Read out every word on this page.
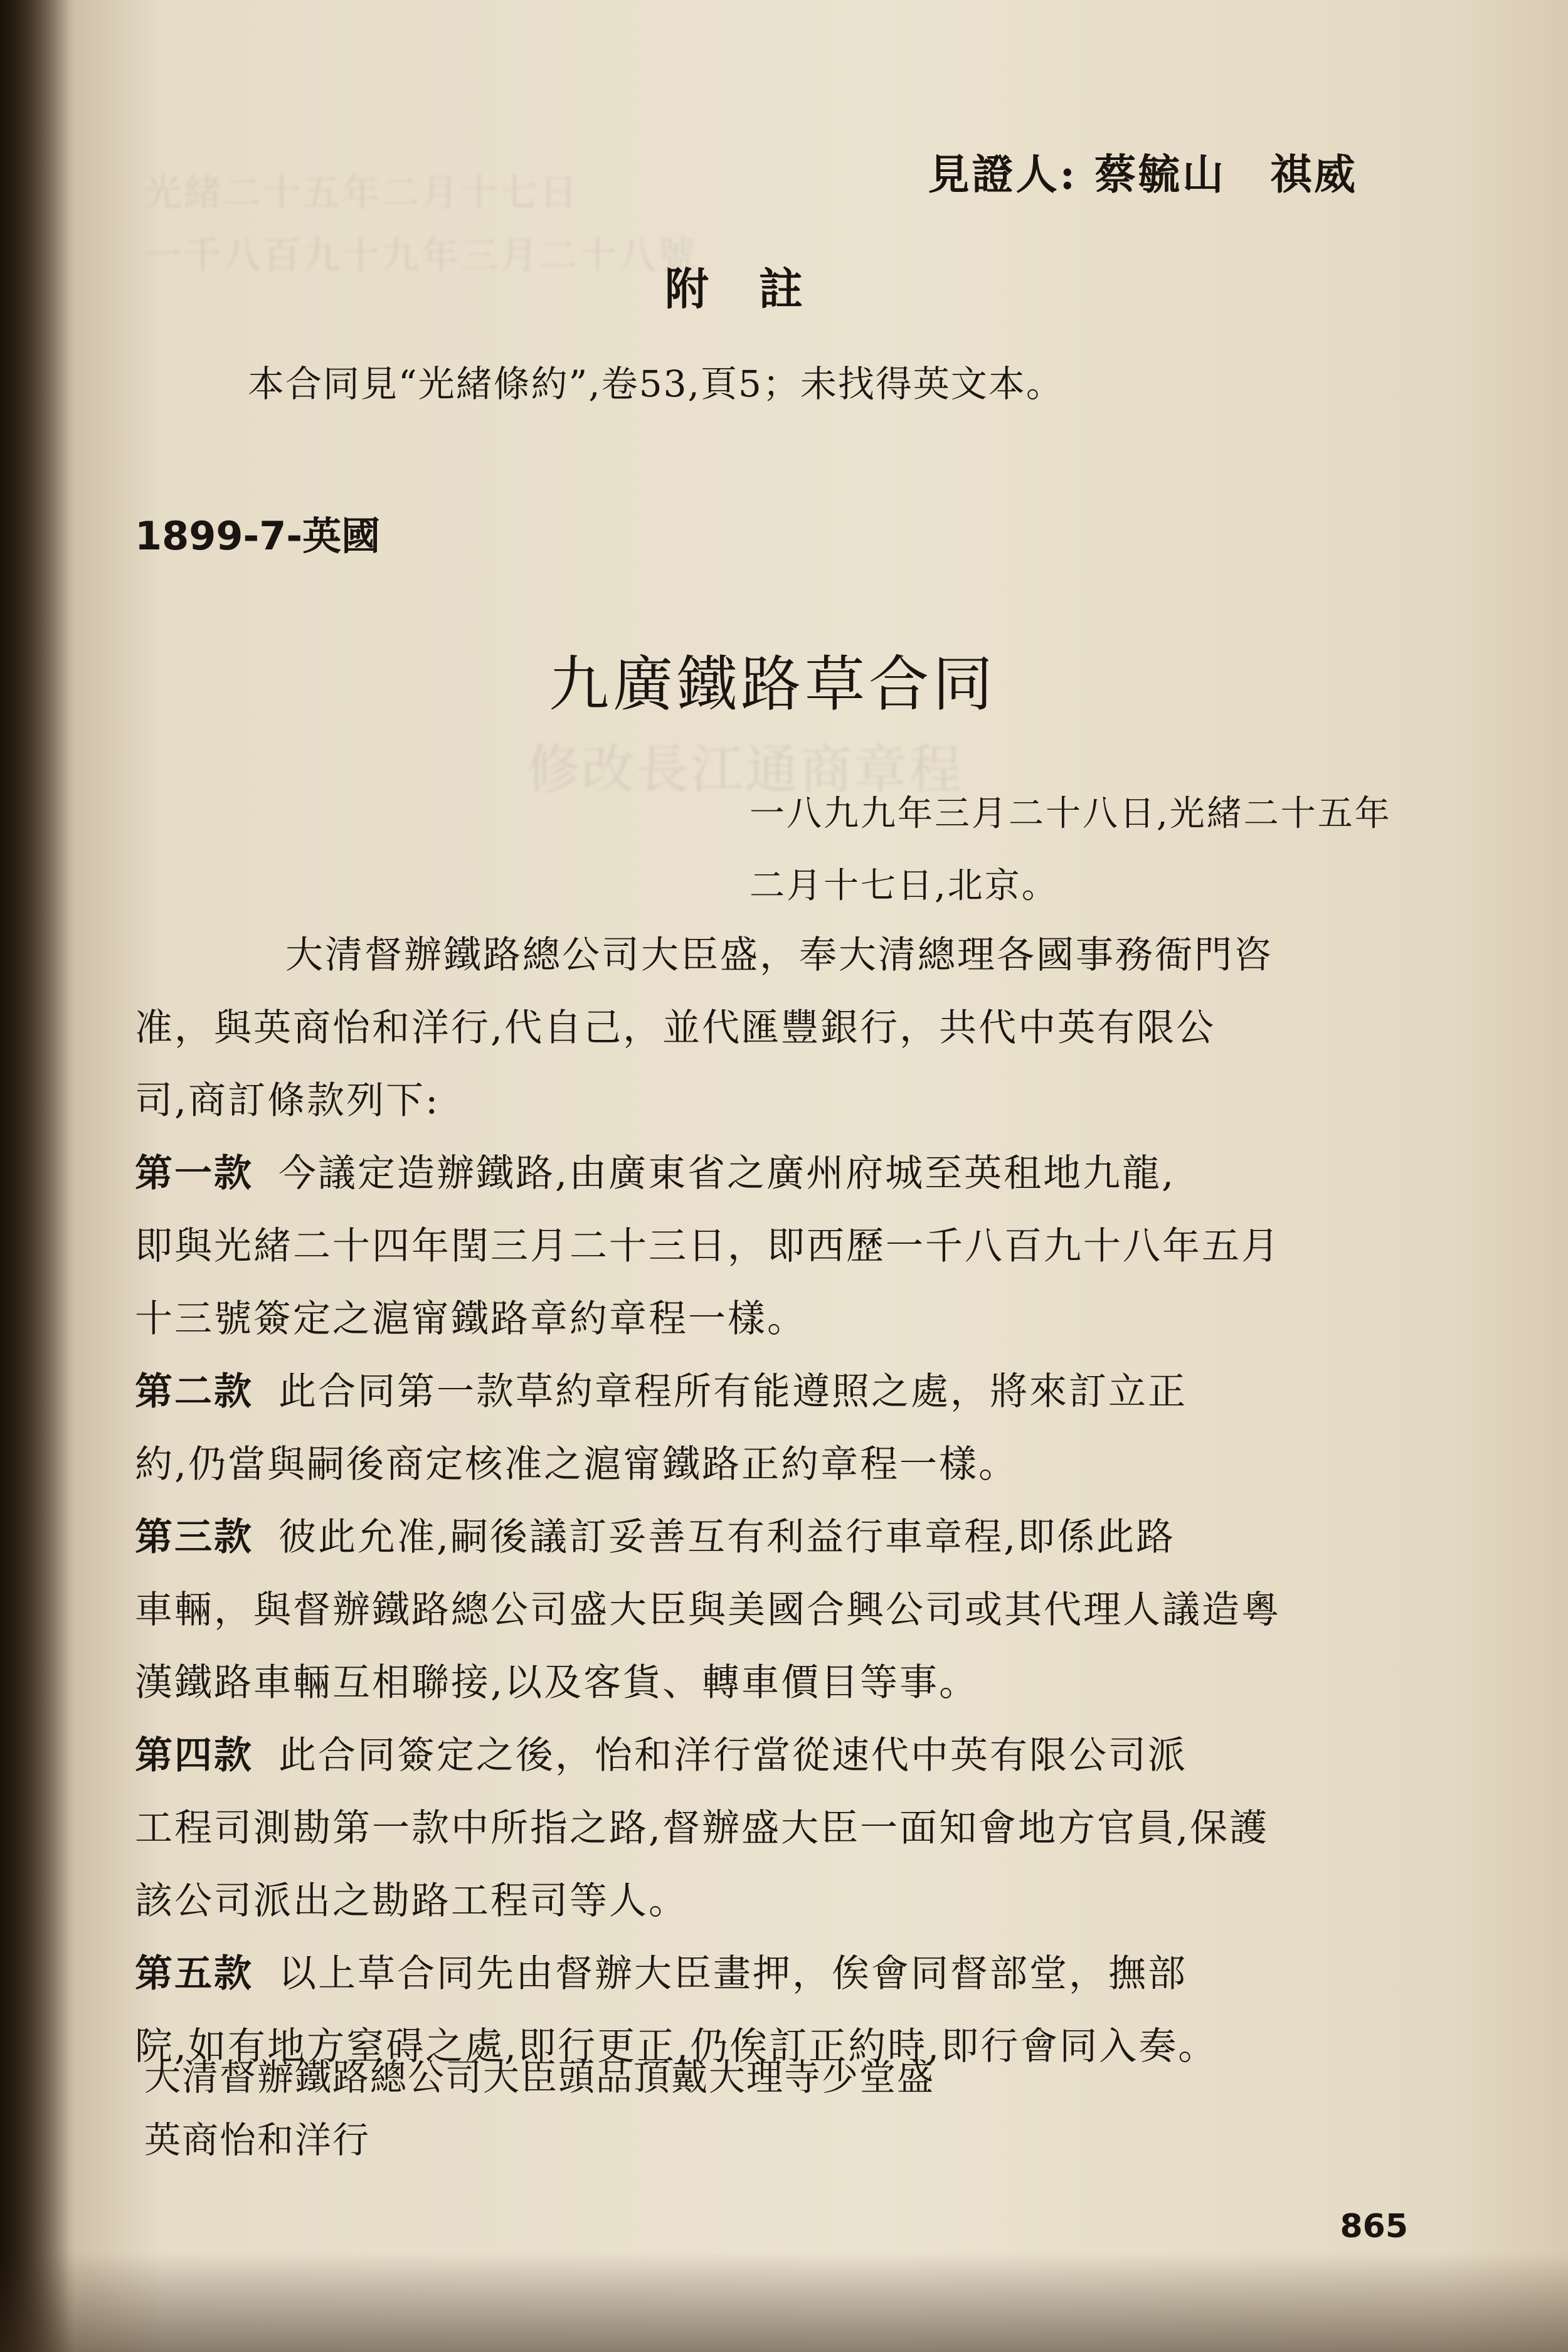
光緒二十五年二月十七日
一千八百九十九年三月二十八號
修改長江通商章程
見證人: 蔡毓山　祺威
附註
本合同見“光緒條約”,卷53,頁5；未找得英文本。
1899-7-英國
九廣鐵路草合同
一八九九年三月二十八日,光緒二十五年
二月十七日,北京。
大清督辦鐵路總公司大臣盛，奉大清總理各國事務衙門咨
准，與英商怡和洋行,代自己，並代匯豐銀行，共代中英有限公
司,商訂條款列下:
第一款 今議定造辦鐵路,由廣東省之廣州府城至英租地九龍,
即與光緒二十四年閏三月二十三日，即西歷一千八百九十八年五月
十三號簽定之滬甯鐵路章約章程一樣。
第二款 此合同第一款草約章程所有能遵照之處，將來訂立正
約,仍當與嗣後商定核准之滬甯鐵路正約章程一樣。
第三款 彼此允准,嗣後議訂妥善互有利益行車章程,即係此路
車輛，與督辦鐵路總公司盛大臣與美國合興公司或其代理人議造粵
漢鐵路車輛互相聯接,以及客貨、轉車價目等事。
第四款 此合同簽定之後，怡和洋行當從速代中英有限公司派
工程司測勘第一款中所指之路,督辦盛大臣一面知會地方官員,保護
該公司派出之勘路工程司等人。
第五款 以上草合同先由督辦大臣畫押，俟會同督部堂，撫部
院,如有地方窒碍之處,即行更正,仍俟訂正約時,即行會同入奏。
大清督辦鐵路總公司大臣頭品頂戴大理寺少堂盛
英商怡和洋行
865
